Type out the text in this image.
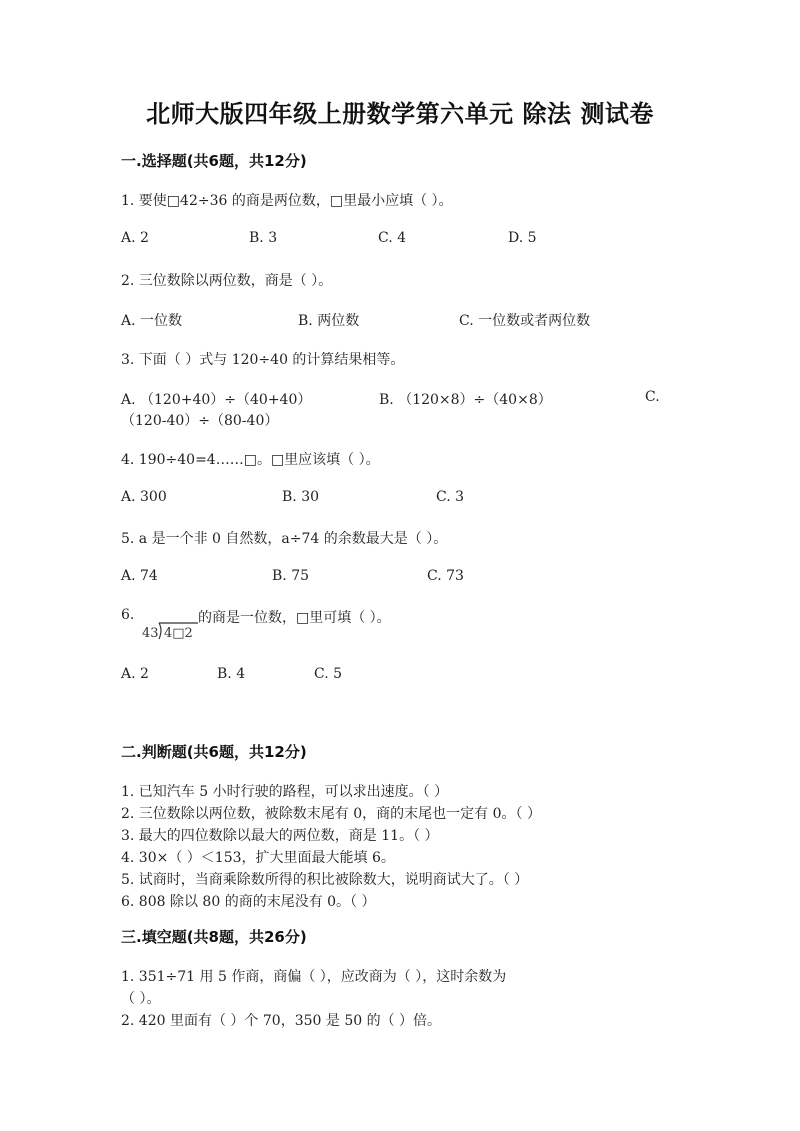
北师大版四年级上册数学第六单元 除法 测试卷
一.选择题(共6题，共12分)
1. 要使□42÷36 的商是两位数，□里最小应填（ ）。
A. 2	B. 3	C. 4	D. 5
2. 三位数除以两位数，商是（ ）。
A. 一位数	B. 两位数	C. 一位数或者两位数
3. 下面（ ）式与 120÷40 的计算结果相等。
A. （120+40）÷（40+40）	B. （120×8）÷（40×8）	C.
（120-40）÷（80-40）
4. 190÷40=4……□。□里应该填（ ）。
A. 300	B. 30	C. 3
5. a 是一个非 0 自然数，a÷74 的余数最大是（ ）。
A. 74	B. 75	C. 73
6.
43 4□2
的商是一位数，□里可填（ ）。
A. 2	B. 4	C. 5
二.判断题(共6题，共12分)
1. 已知汽车 5 小时行驶的路程，可以求出速度。（ ）
2. 三位数除以两位数，被除数末尾有 0，商的末尾也一定有 0。（ ）
3. 最大的四位数除以最大的两位数，商是 11。（ ）
4. 30×（ ）＜153，扩大里面最大能填 6。
5. 试商时，当商乘除数所得的积比被除数大，说明商试大了。（ ）
6. 808 除以 80 的商的末尾没有 0。（ ）
三.填空题(共8题，共26分)
1. 351÷71 用 5 作商，商偏（ ），应改商为（ ），这时余数为
（ ）。
2. 420 里面有（ ）个 70，350 是 50 的（ ）倍。
